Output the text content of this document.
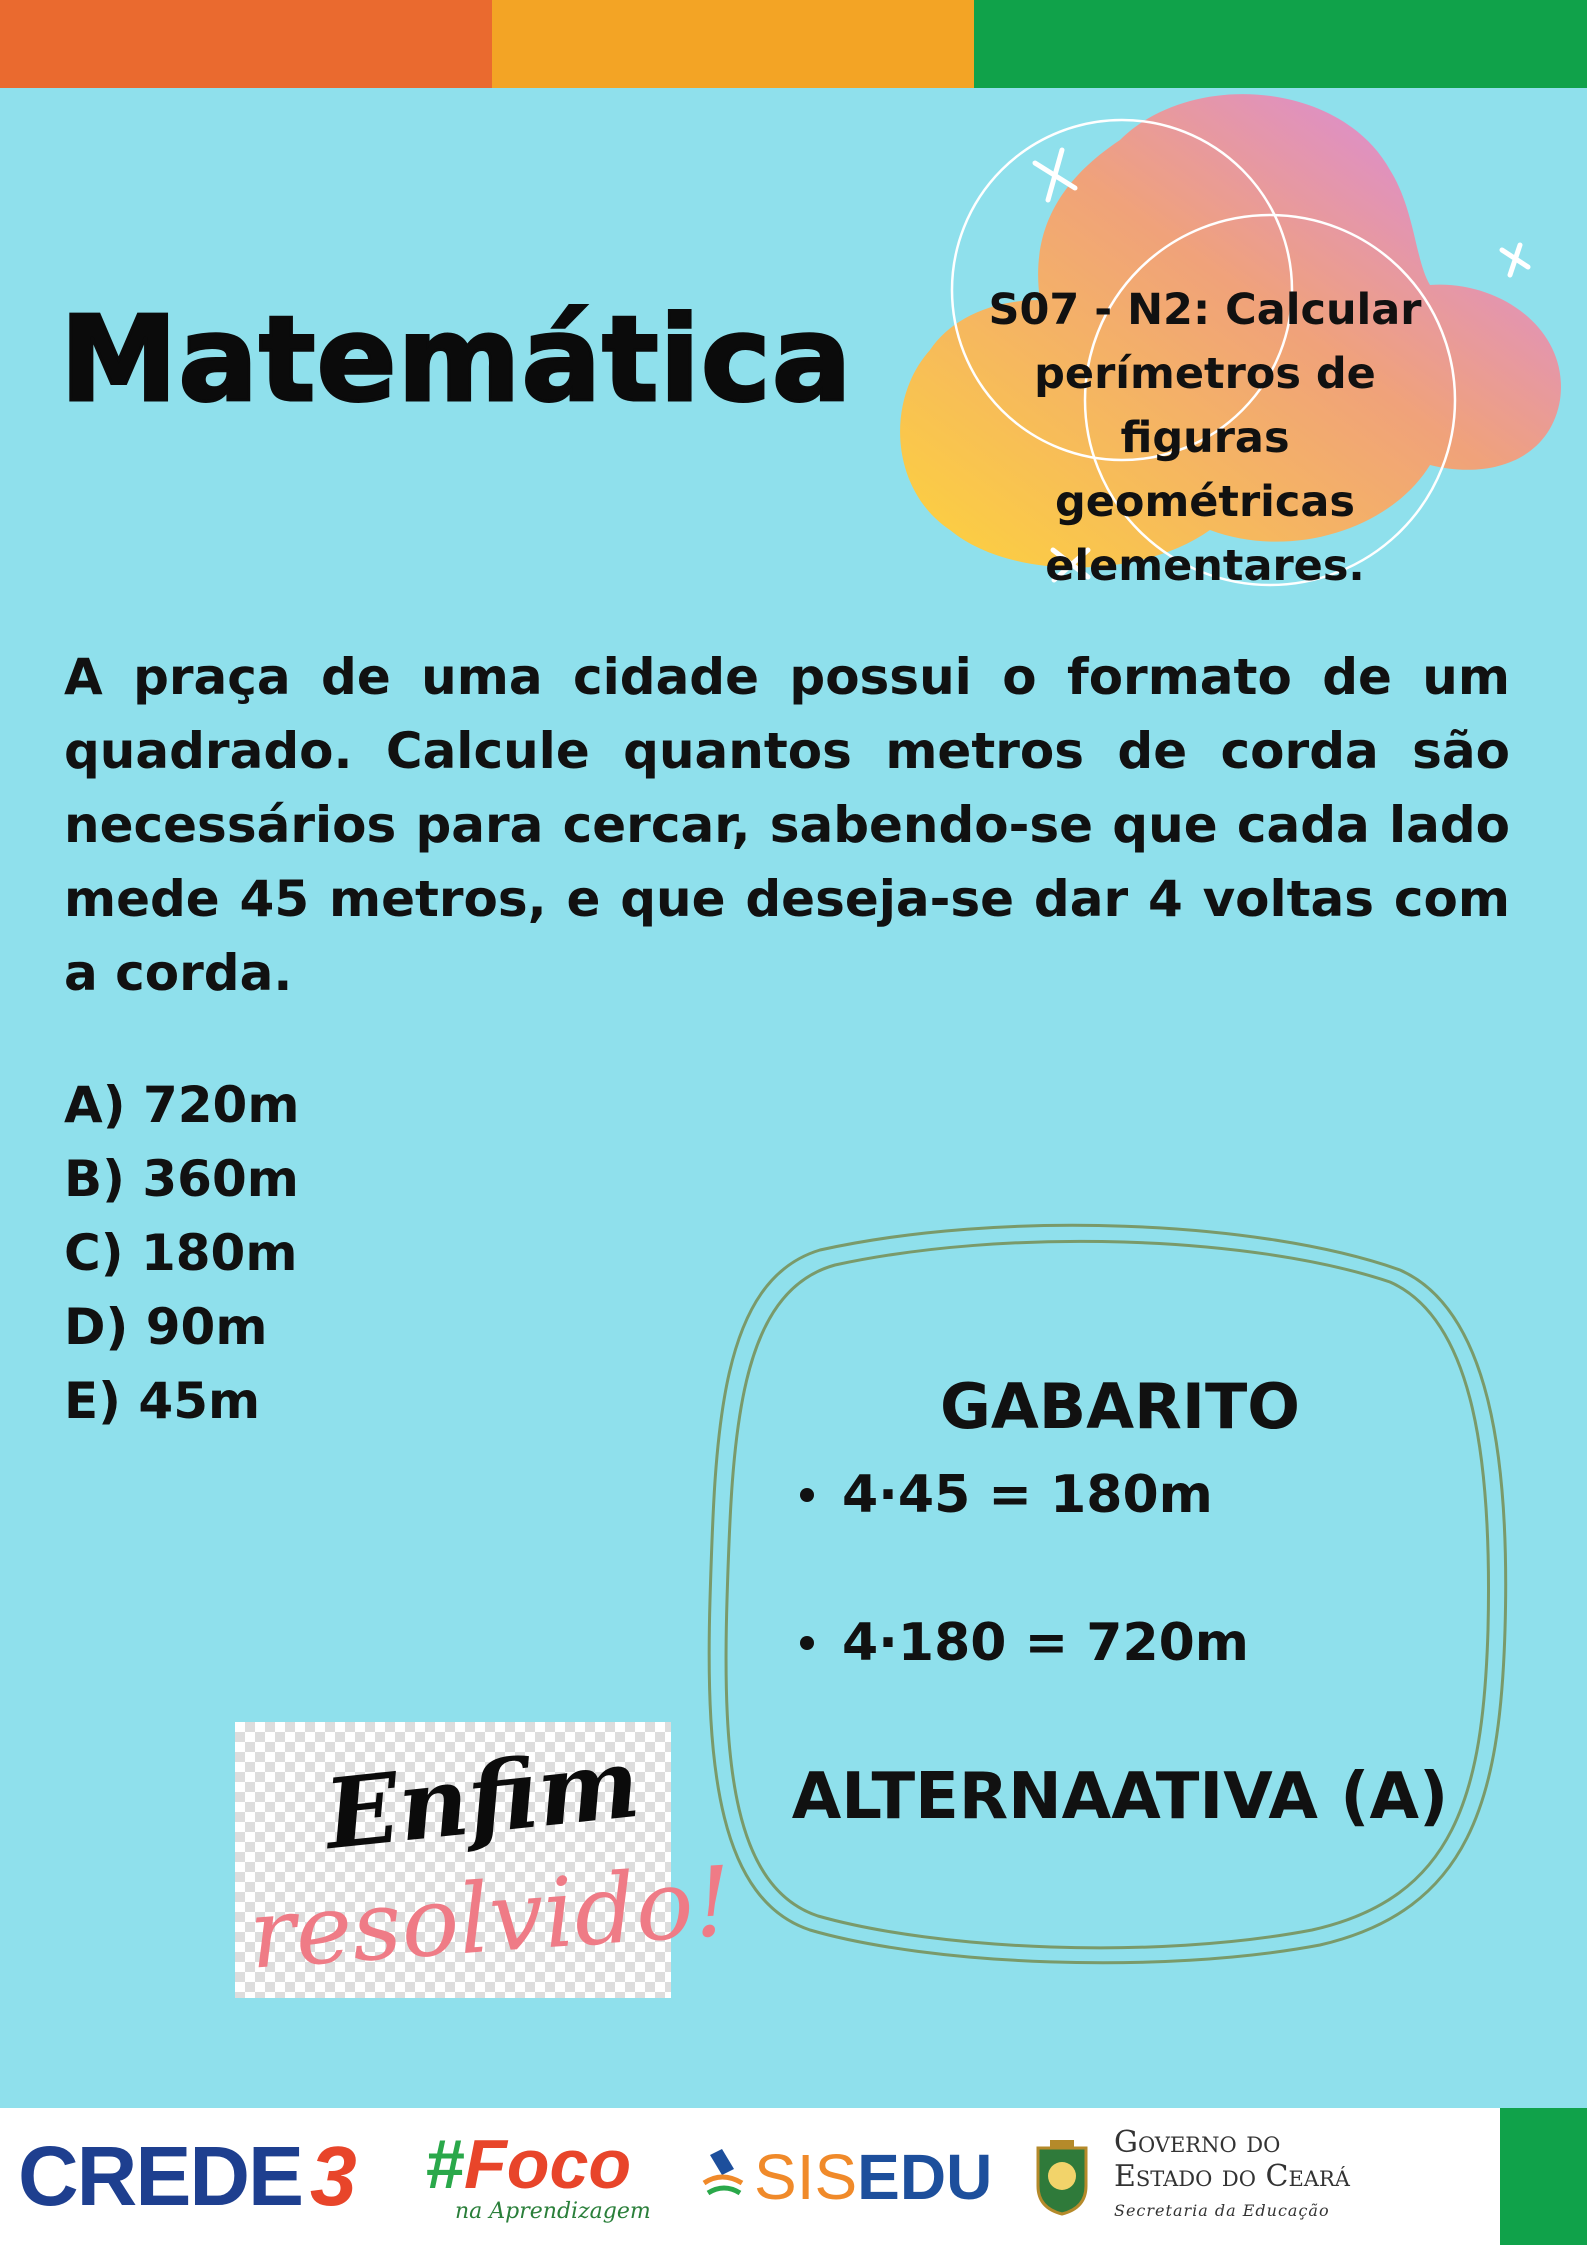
Matemática	S07 - N2: Calcular perímetros de figuras geométricas elementares.
A praça de uma cidade possui o formato de um quadrado. Calcule quantos metros de corda são necessários para cercar, sabendo-se que cada lado mede 45 metros, e que deseja-se dar 4 voltas com a corda.
A) 720m
B) 360m
C) 180m
D) 90m
E) 45m	GABARITO
4·45 = 180m
4·180 = 720m
ALTERNAATIVA (A)
Enfim
resolvido!
CREDE 3 #Foco
na Aprendizagem SIS EDU	Governo do
Estado do Ceará
Secretaria da Educação
